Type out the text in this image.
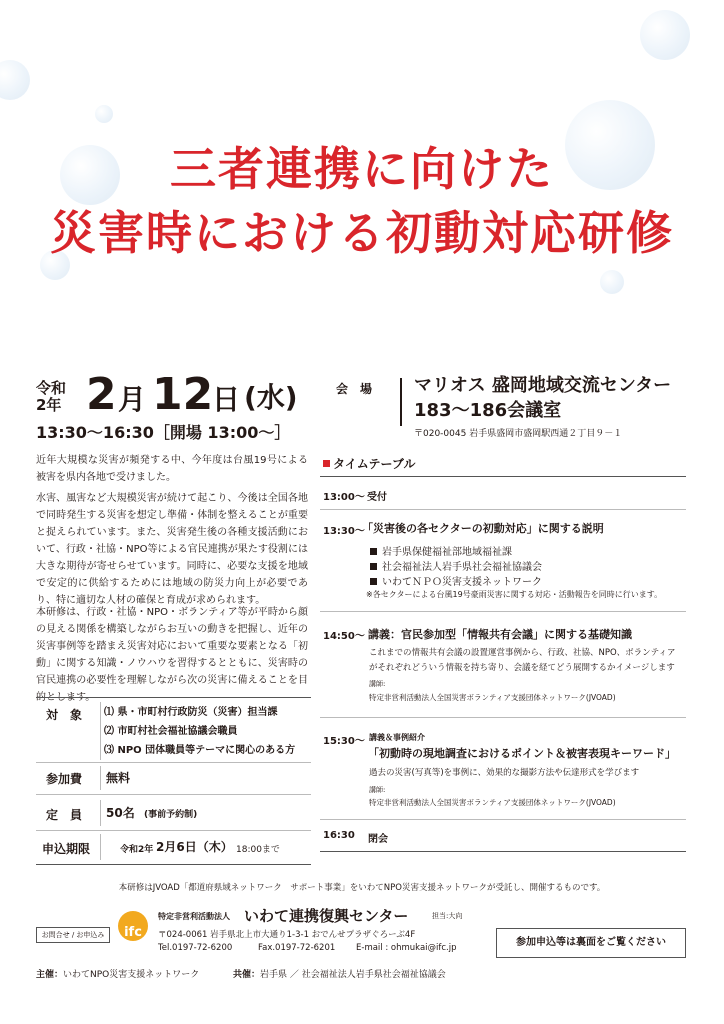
三者連携に向けた
災害時における初動対応研修
令和
2年 2 月 12
日 (水)
13:30〜16:30［開場 13:00〜］
会　場 マリオス 盛岡地域交流センター
183〜186会議室
〒020-0045 岩手県盛岡市盛岡駅西通２丁目９－１
近年大規模な災害が頻発する中、今年度は台風19号による被害を県内各地で受けました。
水害、風害など大規模災害が続けて起こり、今後は全国各地で同時発生する災害を想定し準備・体制を整えることが重要と捉えられています。また、災害発生後の各種支援活動において、行政・社協・NPO等による官民連携が果たす役割には大きな期待が寄せらせています。同時に、必要な支援を地域で安定的に供給するためには地域の防災力向上が必要であり、特に適切な人材の確保と育成が求められます。
本研修は、行政・社協・NPO・ボランティア等が平時から顔の見える関係を構築しながらお互いの動きを把握し、近年の災害事例等を踏まえ災害対応において重要な要素となる「初動」に関する知識・ノウハウを習得するとともに、災害時の官民連携の必要性を理解しながら次の災害に備えることを目
対　象 ⑴ 県・市町村行政防災（災害）担当課
⑵ 市町村社会福祉協議会職員
⑶ NPO 団体職員等テーマに関心のある方
参加費 無料
定　員 50名 (事前予約制)
申込期限	令和2年 2月6日（木） 18:00まで
タイムテーブル
13:00〜 受付
13:30〜
「災害後の各セクターの初動対応」に関する説明
岩手県保健福祉部地域福祉課
社会福祉法人岩手県社会福祉協議会
いわてＮＰＯ災害支援ネットワーク
※各セクターによる台風19号豪雨災害に関する対応・活動報告を同時に行います。
14:50〜 講義：官民参加型「情報共有会議」に関する基礎知識
これまでの情報共有会議の設置運営事例から、行政、社協、NPO、ボランティア
がそれぞれどういう情報を持ち寄り、会議を経てどう展開するかイメージします
講師:
特定非営利活動法人全国災害ボランティア支援団体ネットワーク(JVOAD)
15:30〜 講義＆事例紹介
「初動時の現地調査におけるポイント＆被害表現キーワード」
過去の災害(写真等)を事例に、効果的な撮影方法や伝達形式を学びます
講師:
特定非営利活動法人全国災害ボランティア支援団体ネットワーク(JVOAD)
16:30 閉会
本研修はJVOAD「都道府県域ネットワーク　サポート事業」をいわてNPO災害支援ネットワークが受託し、開催するものです。
お問合せ / お申込み	ifc
特定非営利活動法人 いわて連携復興センター	担当:大向
〒024-0061 岩手県北上市大通り1-3-1 おでんせプラザぐろーぶ4F
Tel.0197-72-6200	Fax.0197-72-6201 E-mail : ohmukai@ifc.jp	参加申込等は裏面をご覧ください
主催：いわてNPO災害支援ネットワーク	共催：岩手県 ／ 社会福祉法人岩手県社会福祉協議会
